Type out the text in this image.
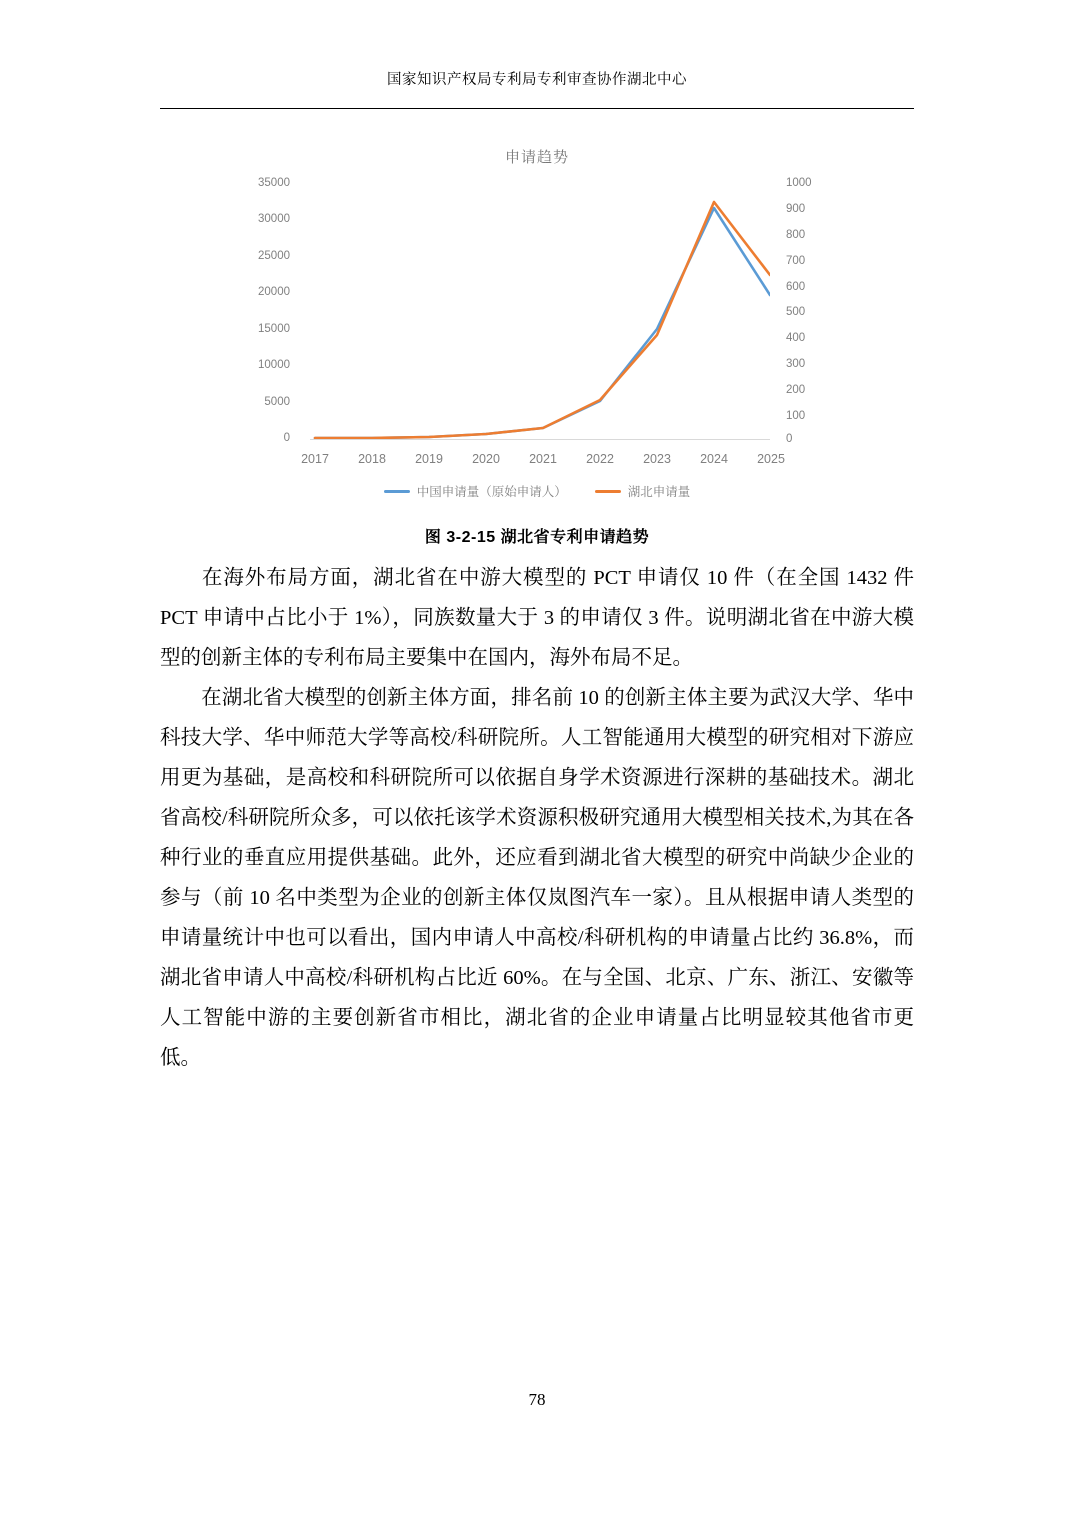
国家知识产权局专利局专利审查协作湖北中心
申请趋势
35000
30000
25000
20000
15000
10000
5000
0
1000
900
800
700
600
500
400
300
200
100
0
2017	2018	2019	2020	2021	2022	2023	2024	2025
中国申请量（原始申请人）	湖北申请量
图 3-2-15 湖北省专利申请趋势
在海外布局方面，湖北省在中游大模型的 PCT 申请仅 10 件（在全国 1432 件 PCT 申请中占比小于 1%），同族数量大于 3 的申请仅 3 件。说明湖北省在中游大模型的创新主体的专利布局主要集中在国内，海外布局不足。
在湖北省大模型的创新主体方面，排名前 10 的创新主体主要为武汉大学、华中科技大学、华中师范大学等高校/科研院所。人工智能通用大模型的研究相对下游应用更为基础，是高校和科研院所可以依据自身学术资源进行深耕的基础技术。湖北省高校/科研院所众多，可以依托该学术资源积极研究通用大模型相关技术,为其在各种行业的垂直应用提供基础。此外，还应看到湖北省大模型的研究中尚缺少企业的参与（前 10 名中类型为企业的创新主体仅岚图汽车一家）。且从根据申请人类型的申请量统计中也可以看出，国内申请人中高校/科研机构的申请量占比约 36.8%，而湖北省申请人中高校/科研机构占比近 60%。在与全国、北京、广东、浙江、安徽等人工智能中游的主要创新省市相比，湖北省的企业申请量占比明显较其他省市更低。
78
